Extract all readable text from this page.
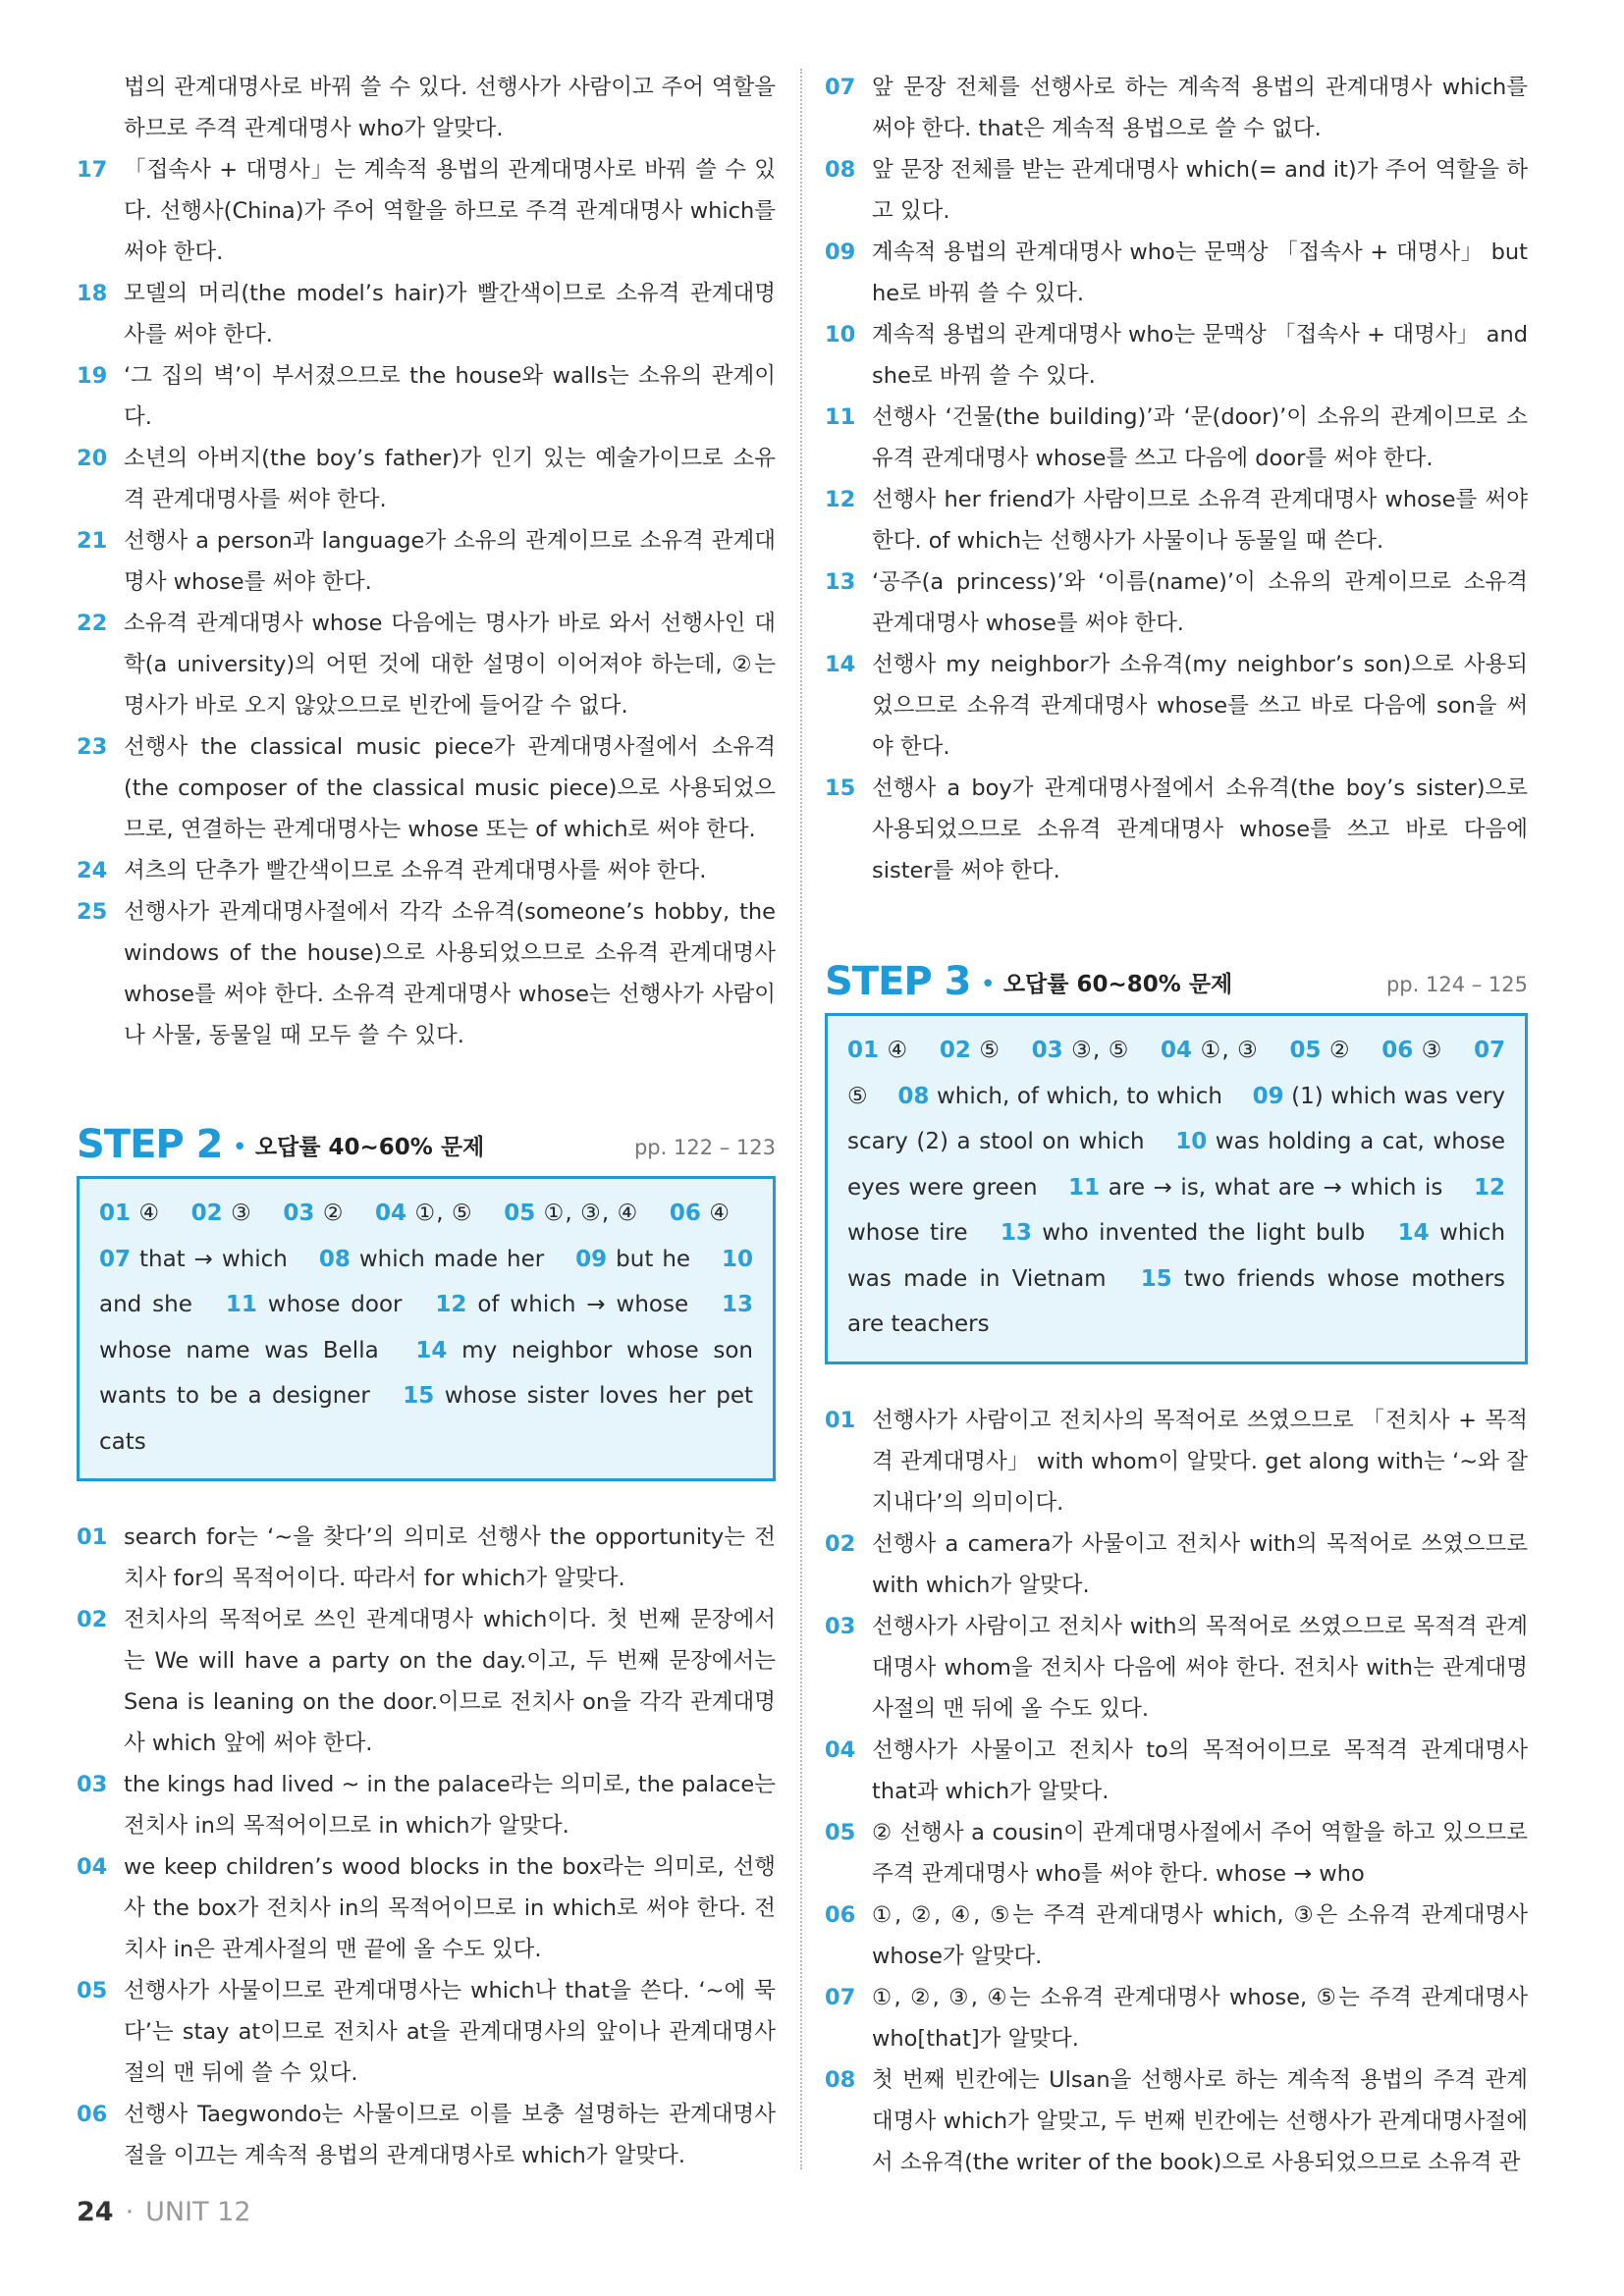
법의 관계대명사로 바꿔 쓸 수 있다. 선행사가 사람이고 주어 역할을 하므로 주격 관계대명사 who가 알맞다.
17 「접속사 + 대명사」는 계속적 용법의 관계대명사로 바꿔 쓸 수 있다. 선행사(China)가 주어 역할을 하므로 주격 관계대명사 which를 써야 한다.
18 모델의 머리(the model’s hair)가 빨간색이므로 소유격 관계대명사를 써야 한다.
19 ‘그 집의 벽’이 부서졌으므로 the house와 walls는 소유의 관계이다.
20 소년의 아버지(the boy’s father)가 인기 있는 예술가이므로 소유격 관계대명사를 써야 한다.
21 선행사 a person과 language가 소유의 관계이므로 소유격 관계대명사 whose를 써야 한다.
22 소유격 관계대명사 whose 다음에는 명사가 바로 와서 선행사인 대학(a university)의 어떤 것에 대한 설명이 이어져야 하는데, ②는 명사가 바로 오지 않았으므로 빈칸에 들어갈 수 없다.
23 선행사 the classical music piece가 관계대명사절에서 소유격(the composer of the classical music piece)으로 사용되었으므로, 연결하는 관계대명사는 whose 또는 of which로 써야 한다.
24 셔츠의 단추가 빨간색이므로 소유격 관계대명사를 써야 한다.
25 선행사가 관계대명사절에서 각각 소유격(someone’s hobby, the windows of the house)으로 사용되었으므로 소유격 관계대명사 whose를 써야 한다. 소유격 관계대명사 whose는 선행사가 사람이나 사물, 동물일 때 모두 쓸 수 있다.
STEP 2 • 오답률 40~60% 문제	pp. 122 – 123
01 ④  02 ③  03 ②  04 ①, ⑤  05 ①, ③, ④  06 ④  07 that → which  08 which made her  09 but he  10 and she  11 whose door  12 of which → whose  13 whose name was Bella  14 my neighbor whose son wants to be a designer  15 whose sister loves her pet cats 
01 search for는 ‘~을 찾다’의 의미로 선행사 the opportunity는 전치사 for의 목적어이다. 따라서 for which가 알맞다.
02 전치사의 목적어로 쓰인 관계대명사 which이다. 첫 번째 문장에서는 We will have a party on the day.이고, 두 번째 문장에서는 Sena is leaning on the door.이므로 전치사 on을 각각 관계대명사 which 앞에 써야 한다.
03 the kings had lived ~ in the palace라는 의미로, the palace는 전치사 in의 목적어이므로 in which가 알맞다.
04 we keep children’s wood blocks in the box라는 의미로, 선행사 the box가 전치사 in의 목적어이므로 in which로 써야 한다. 전치사 in은 관계사절의 맨 끝에 올 수도 있다.
05 선행사가 사물이므로 관계대명사는 which나 that을 쓴다. ‘~에 묵다’는 stay at이므로 전치사 at을 관계대명사의 앞이나 관계대명사절의 맨 뒤에 쓸 수 있다.
06 선행사 Taegwondo는 사물이므로 이를 보충 설명하는 관계대명사절을 이끄는 계속적 용법의 관계대명사로 which가 알맞다.
07 앞 문장 전체를 선행사로 하는 계속적 용법의 관계대명사 which를 써야 한다. that은 계속적 용법으로 쓸 수 없다.
08 앞 문장 전체를 받는 관계대명사 which(= and it)가 주어 역할을 하고 있다.
09 계속적 용법의 관계대명사 who는 문맥상 「접속사 + 대명사」 but he로 바꿔 쓸 수 있다.
10 계속적 용법의 관계대명사 who는 문맥상 「접속사 + 대명사」 and she로 바꿔 쓸 수 있다.
11 선행사 ‘건물(the building)’과 ‘문(door)’이 소유의 관계이므로 소유격 관계대명사 whose를 쓰고 다음에 door를 써야 한다.
12 선행사 her friend가 사람이므로 소유격 관계대명사 whose를 써야 한다. of which는 선행사가 사물이나 동물일 때 쓴다.
13 ‘공주(a princess)’와 ‘이름(name)’이 소유의 관계이므로 소유격 관계대명사 whose를 써야 한다.
14 선행사 my neighbor가 소유격(my neighbor’s son)으로 사용되었으므로 소유격 관계대명사 whose를 쓰고 바로 다음에 son을 써야 한다.
15 선행사 a boy가 관계대명사절에서 소유격(the boy’s sister)으로 사용되었으므로 소유격 관계대명사 whose를 쓰고 바로 다음에 sister를 써야 한다.
STEP 3 • 오답률 60~80% 문제	pp. 124 – 125
01 ④  02 ⑤  03 ③, ⑤  04 ①, ③  05 ②  06 ③  07 ⑤  08 which, of which, to which  09 (1) which was very scary (2) a stool on which  10 was holding a cat, whose eyes were green  11 are → is, what are → which is  12 whose tire  13 who invented the light bulb  14 which was made in Vietnam  15 two friends whose mothers are teachers 
01 선행사가 사람이고 전치사의 목적어로 쓰였으므로 「전치사 + 목적격 관계대명사」 with whom이 알맞다. get along with는 ‘~와 잘 지내다’의 의미이다.
02 선행사 a camera가 사물이고 전치사 with의 목적어로 쓰였으므로 with which가 알맞다.
03 선행사가 사람이고 전치사 with의 목적어로 쓰였으므로 목적격 관계대명사 whom을 전치사 다음에 써야 한다. 전치사 with는 관계대명사절의 맨 뒤에 올 수도 있다.
04 선행사가 사물이고 전치사 to의 목적어이므로 목적격 관계대명사 that과 which가 알맞다.
05 ② 선행사 a cousin이 관계대명사절에서 주어 역할을 하고 있으므로 주격 관계대명사 who를 써야 한다. whose → who
06 ①, ②, ④, ⑤는 주격 관계대명사 which, ③은 소유격 관계대명사 whose가 알맞다.
07 ①, ②, ③, ④는 소유격 관계대명사 whose, ⑤는 주격 관계대명사 who[that]가 알맞다.
08 첫 번째 빈칸에는 Ulsan을 선행사로 하는 계속적 용법의 주격 관계대명사 which가 알맞고, 두 번째 빈칸에는 선행사가 관계대명사절에서 소유격(the writer of the book)으로 사용되었으므로 소유격 관
24 · UNIT 12
